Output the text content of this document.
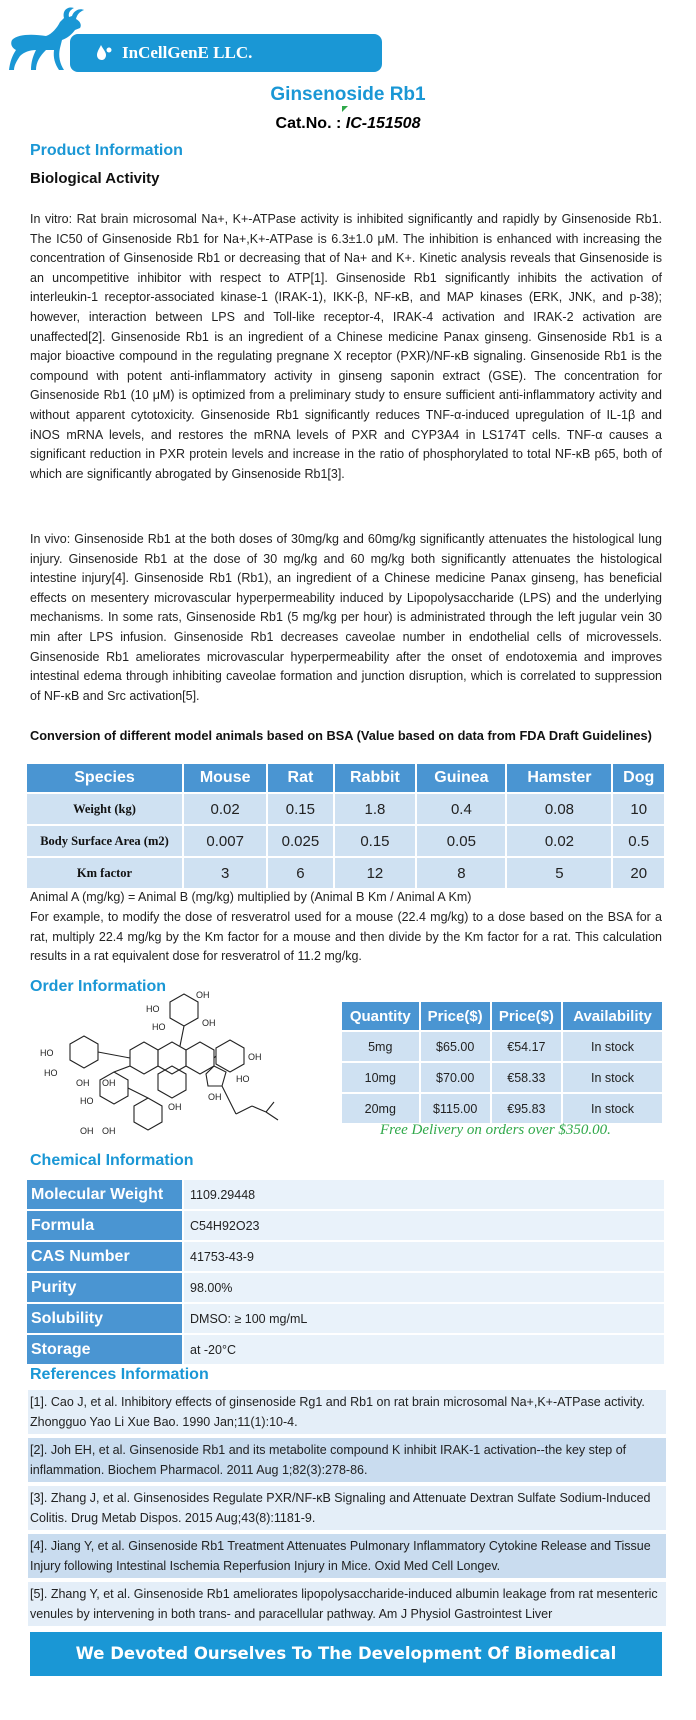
InCellGenE LLC.
Ginsenoside Rb1
Cat.No. : IC-151508
Product Information
Biological Activity
In vitro: Rat brain microsomal Na+, K+-ATPase activity is inhibited significantly and rapidly by Ginsenoside Rb1. The IC50 of Ginsenoside Rb1 for Na+,K+-ATPase is 6.3±1.0 μM. The inhibition is enhanced with increasing the concentration of Ginsenoside Rb1 or decreasing that of Na+ and K+. Kinetic analysis reveals that Ginsenoside is an uncompetitive inhibitor with respect to ATP[1]. Ginsenoside Rb1 significantly inhibits the activation of interleukin-1 receptor-associated kinase-1 (IRAK-1), IKK-β, NF-κB, and MAP kinases (ERK, JNK, and p-38); however, interaction between LPS and Toll-like receptor-4, IRAK-4 activation and IRAK-2 activation are unaffected[2]. Ginsenoside Rb1 is an ingredient of a Chinese medicine Panax ginseng. Ginsenoside Rb1 is a major bioactive compound in the regulating pregnane X receptor (PXR)/NF-κB signaling. Ginsenoside Rb1 is the compound with potent anti-inflammatory activity in ginseng saponin extract (GSE). The concentration for Ginsenoside Rb1 (10 μM) is optimized from a preliminary study to ensure sufficient anti-inflammatory activity and without apparent cytotoxicity. Ginsenoside Rb1 significantly reduces TNF-α-induced upregulation of IL-1β and iNOS mRNA levels, and restores the mRNA levels of PXR and CYP3A4 in LS174T cells. TNF-α causes a significant reduction in PXR protein levels and increase in the ratio of phosphorylated to total NF-κB p65, both of which are significantly abrogated by Ginsenoside Rb1[3].
In vivo: Ginsenoside Rb1 at the both doses of 30mg/kg and 60mg/kg significantly attenuates the histological lung injury. Ginsenoside Rb1 at the dose of 30 mg/kg and 60 mg/kg both significantly attenuates the histological intestine injury[4]. Ginsenoside Rb1 (Rb1), an ingredient of a Chinese medicine Panax ginseng, has beneficial effects on mesentery microvascular hyperpermeability induced by Lipopolysaccharide (LPS) and the underlying mechanisms. In some rats, Ginsenoside Rb1 (5 mg/kg per hour) is administrated through the left jugular vein 30 min after LPS infusion. Ginsenoside Rb1 decreases caveolae number in endothelial cells of microvessels. Ginsenoside Rb1 ameliorates microvascular hyperpermeability after the onset of endotoxemia and improves intestinal edema through inhibiting caveolae formation and junction disruption, which is correlated to suppression of NF-κB and Src activation[5].
Conversion of different model animals based on BSA (Value based on data from FDA Draft Guidelines)
Species	Mouse	Rat	Rabbit	Guinea	Hamster	Dog
Weight (kg)	0.02	0.15	1.8	0.4	0.08	10
Body Surface Area (m2)	0.007	0.025	0.15	0.05	0.02	0.5
Km factor	3	6	12	8	5	20
Animal A (mg/kg) = Animal B (mg/kg) multiplied by (Animal B Km / Animal A Km)
For example, to modify the dose of resveratrol used for a mouse (22.4 mg/kg) to a dose based on the BSA for a rat, multiply 22.4 mg/kg by the Km factor for a mouse and then divide by the Km factor for a rat. This calculation results in a rat equivalent dose for resveratrol of 11.2 mg/kg.
Order Information	OH
HO
HO	OH
HO
HO
OH OH
HO
OH
OH
HO
OH
OH OH
Quantity	Price($)	Price($)	Availability
5mg	$65.00	€54.17	In stock
10mg	$70.00	€58.33	In stock
20mg	$115.00	€95.83	In stock
Free Delivery on orders over $350.00.
Chemical Information
Molecular Weight	1109.29448
Formula	C54H92O23
CAS Number	41753-43-9
Purity	98.00%
Solubility	DMSO: ≥ 100 mg/mL
Storage	at -20°C
References Information
[1]. Cao J, et al. Inhibitory effects of ginsenoside Rg1 and Rb1 on rat brain microsomal Na+,K+-ATPase activity. Zhongguo Yao Li Xue Bao. 1990 Jan;11(1):10-4.
[2]. Joh EH, et al. Ginsenoside Rb1 and its metabolite compound K inhibit IRAK-1 activation--the key step of inflammation. Biochem Pharmacol. 2011 Aug 1;82(3):278-86.
[3]. Zhang J, et al. Ginsenosides Regulate PXR/NF-κB Signaling and Attenuate Dextran Sulfate Sodium-Induced Colitis. Drug Metab Dispos. 2015 Aug;43(8):1181-9.
[4]. Jiang Y, et al. Ginsenoside Rb1 Treatment Attenuates Pulmonary Inflammatory Cytokine Release and Tissue Injury following Intestinal Ischemia Reperfusion Injury in Mice. Oxid Med Cell Longev.
[5]. Zhang Y, et al. Ginsenoside Rb1 ameliorates lipopolysaccharide-induced albumin leakage from rat mesenteric venules by intervening in both trans- and paracellular pathway. Am J Physiol Gastrointest Liver
We Devoted Ourselves To The Development Of Biomedical Research Reagent.
